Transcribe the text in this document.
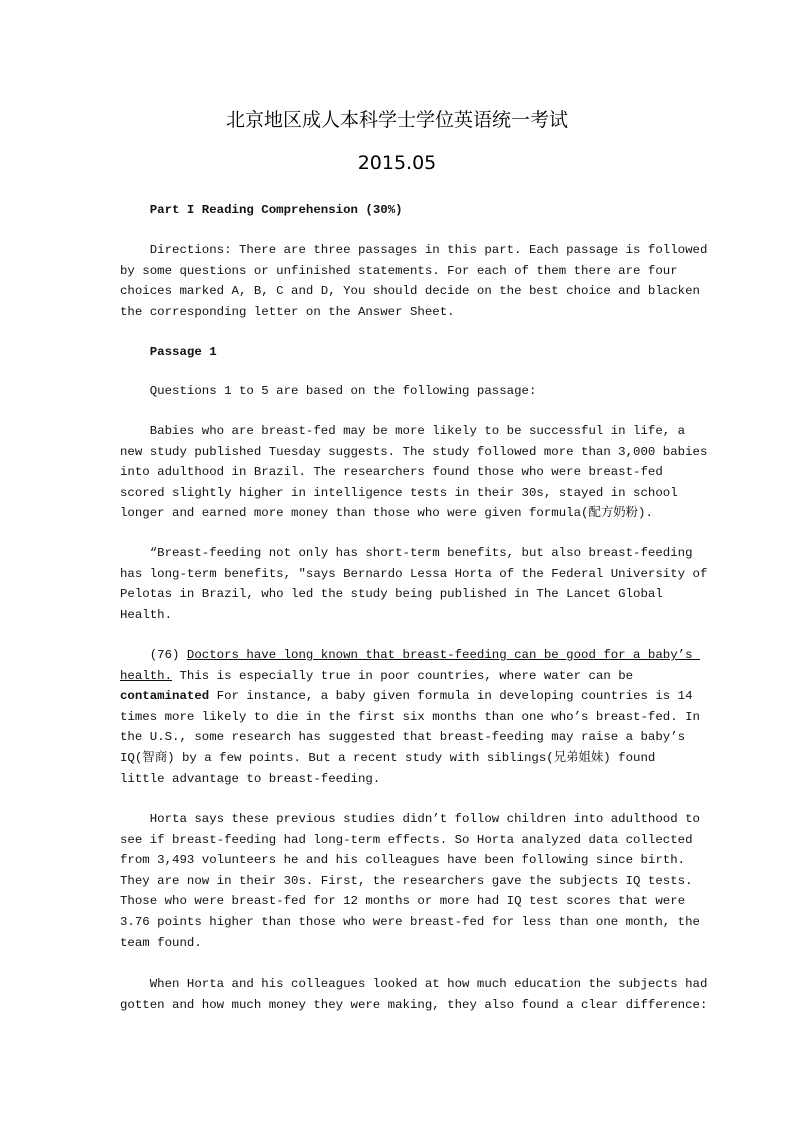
北京地区成人本科学士学位英语统一考试
2015.05
Part I Reading Comprehension (30%)
Directions: There are three passages in this part. Each passage is followed
by some questions or unfinished statements. For each of them there are four
choices marked A, B, C and D, You should decide on the best choice and blacken
the corresponding letter on the Answer Sheet.
Passage 1
Questions 1 to 5 are based on the following passage:
Babies who are breast-fed may be more likely to be successful in life, a
new study published Tuesday suggests. The study followed more than 3,000 babies
into adulthood in Brazil. The researchers found those who were breast-fed
scored slightly higher in intelligence tests in their 30s, stayed in school
longer and earned more money than those who were given formula(配方奶粉).
“Breast-feeding not only has short-term benefits, but also breast-feeding
has long-term benefits, ″says Bernardo Lessa Horta of the Federal University of
Pelotas in Brazil, who led the study being published in The Lancet Global
Health.
(76) Doctors have long known that breast-feeding can be good for a baby’s
health. This is especially true in poor countries, where water can be
contaminated For instance, a baby given formula in developing countries is 14
times more likely to die in the first six months than one who’s breast-fed. In
the U.S., some research has suggested that breast-feeding may raise a baby’s
IQ(智商) by a few points. But a recent study with siblings(兄弟姐妹) found
little advantage to breast-feeding.
Horta says these previous studies didn’t follow children into adulthood to
see if breast-feeding had long-term effects. So Horta analyzed data collected
from 3,493 volunteers he and his colleagues have been following since birth.
They are now in their 30s. First, the researchers gave the subjects IQ tests.
Those who were breast-fed for 12 months or more had IQ test scores that were
3.76 points higher than those who were breast-fed for less than one month, the
team found.
When Horta and his colleagues looked at how much education the subjects had
gotten and how much money they were making, they also found a clear difference:
